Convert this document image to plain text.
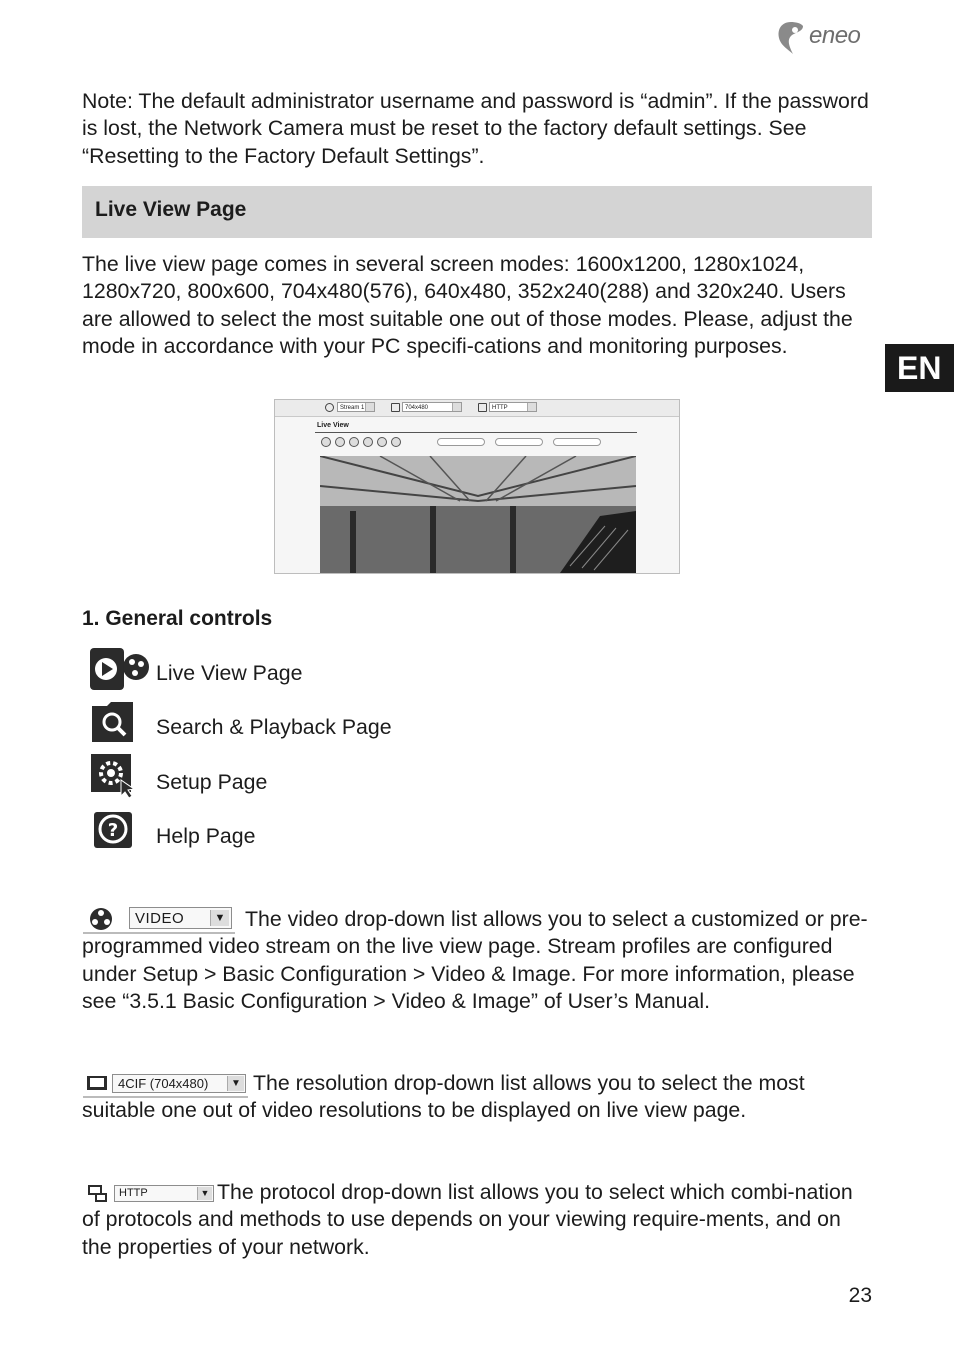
eneo

Note: The default administrator username and password is “admin”. If the password is lost, the Network Camera must be reset to the factory default settings. See “Resetting to the Factory Default Settings”.

Live View Page

The live view page comes in several screen modes: 1600x1200, 1280x1024, 1280x720, 800x600, 704x480(576), 640x480, 352x240(288) and 320x240. Users are allowed to select the most suitable one out of those modes. Please, adjust the mode in accordance with your PC specifi-cations and monitoring purposes.

EN
Stream 1	704x480	HTTP
Live View

1. General controls

Live View Page
Search & Playback Page
Setup Page
? Help Page
VIDEO	▼ The video drop-down list allows you to select a customized or pre-programmed video stream on the live view page. Stream profiles are configured under Setup > Basic Configuration > Video & Image. For more information, please see “3.5.1 Basic Configuration > Video & Image” of User’s Manual.

4CIF (704x480)	▼ The resolution drop-down list allows you to select the most suitable one out of video resolutions to be displayed on live view page.

HTTP	▼ The protocol drop-down list allows you to select which combi-nation of protocols and methods to use depends on your viewing require-ments, and on the properties of your network.

23
